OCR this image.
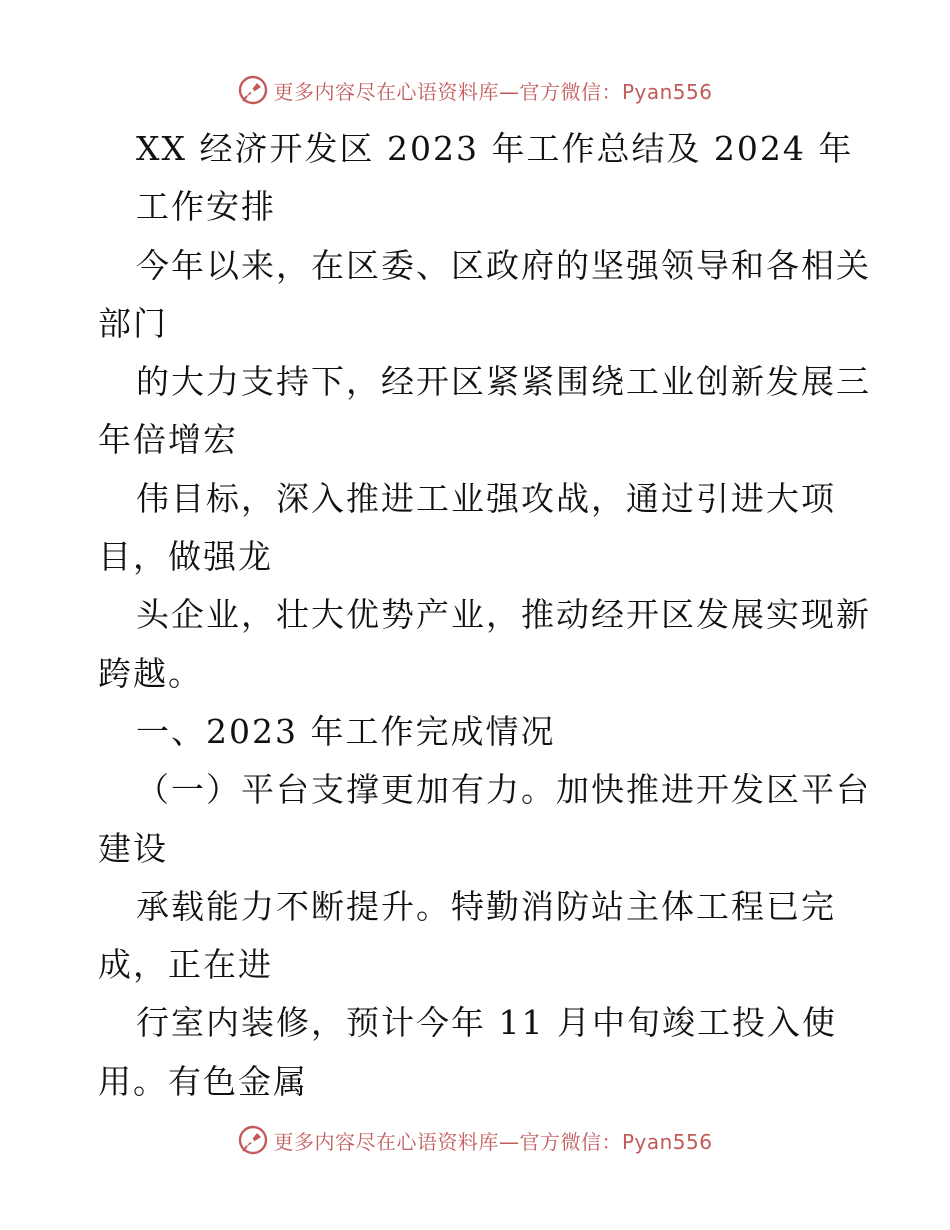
更多内容尽在心语资料库—官方微信：Pyan556
XX 经济开发区 2023 年工作总结及 2024 年
工作安排
今年以来，在区委、区政府的坚强领导和各相关
部门
的大力支持下，经开区紧紧围绕工业创新发展三
年倍增宏
伟目标，深入推进工业强攻战，通过引进大项
目，做强龙
头企业，壮大优势产业，推动经开区发展实现新
跨越。
一、2023 年工作完成情况
（一）平台支撑更加有力。加快推进开发区平台
建设
承载能力不断提升。特勤消防站主体工程已完
成，正在进
行室内装修，预计今年 11 月中旬竣工投入使
用。有色金属
更多内容尽在心语资料库—官方微信：Pyan556
